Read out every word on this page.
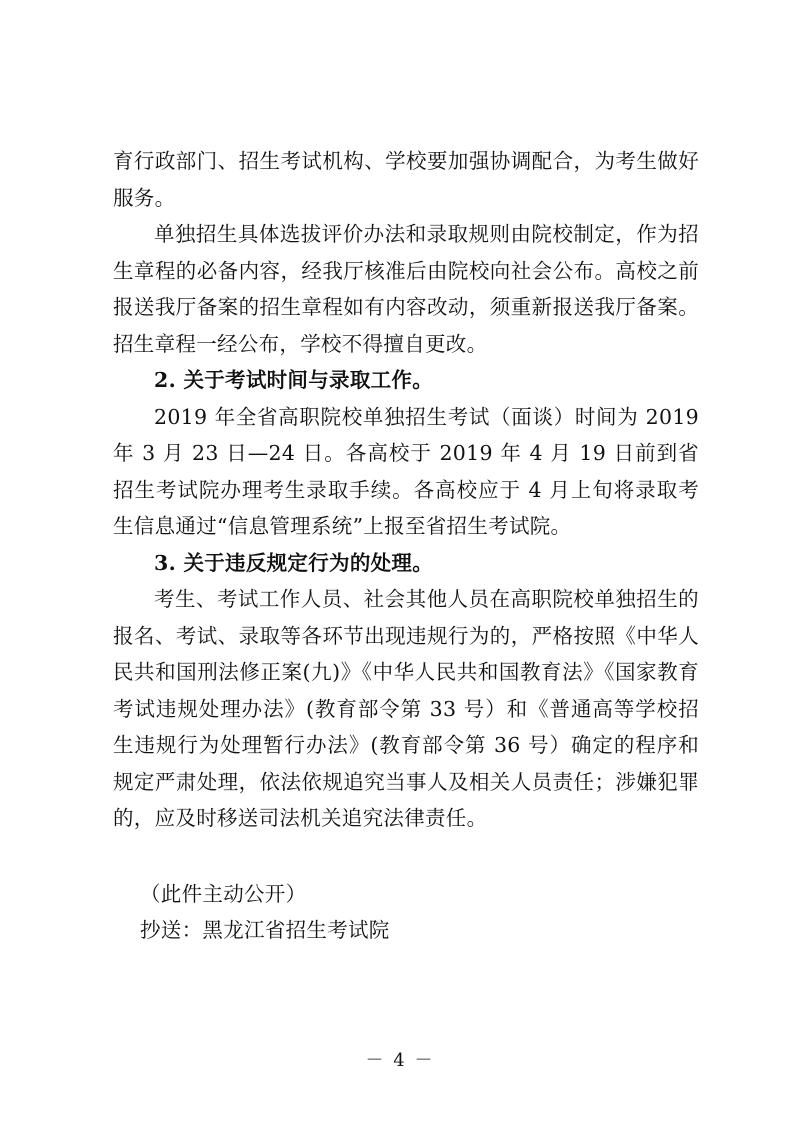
育行政部门、招生考试机构、学校要加强协调配合，为考生做好服务。

单独招生具体选拔评价办法和录取规则由院校制定，作为招生章程的必备内容，经我厅核准后由院校向社会公布。高校之前报送我厅备案的招生章程如有内容改动，须重新报送我厅备案。招生章程一经公布，学校不得擅自更改。

2. 关于考试时间与录取工作。

2019 年全省高职院校单独招生考试（面谈）时间为 2019 年 3 月 23 日—24 日。各高校于 2019 年 4 月 19 日前到省招生考试院办理考生录取手续。各高校应于 4 月上旬将录取考生信息通过“信息管理系统”上报至省招生考试院。

3. 关于违反规定行为的处理。

考生、考试工作人员、社会其他人员在高职院校单独招生的报名、考试、录取等各环节出现违规行为的，严格按照《中华人民共和国刑法修正案(九)》《中华人民共和国教育法》《国家教育考试违规处理办法》(教育部令第 33 号）和《普通高等学校招生违规行为处理暂行办法》(教育部令第 36 号）确定的程序和规定严肃处理，依法依规追究当事人及相关人员责任；涉嫌犯罪的，应及时移送司法机关追究法律责任。

（此件主动公开）

抄送：黑龙江省招生考试院

－ 4 －
